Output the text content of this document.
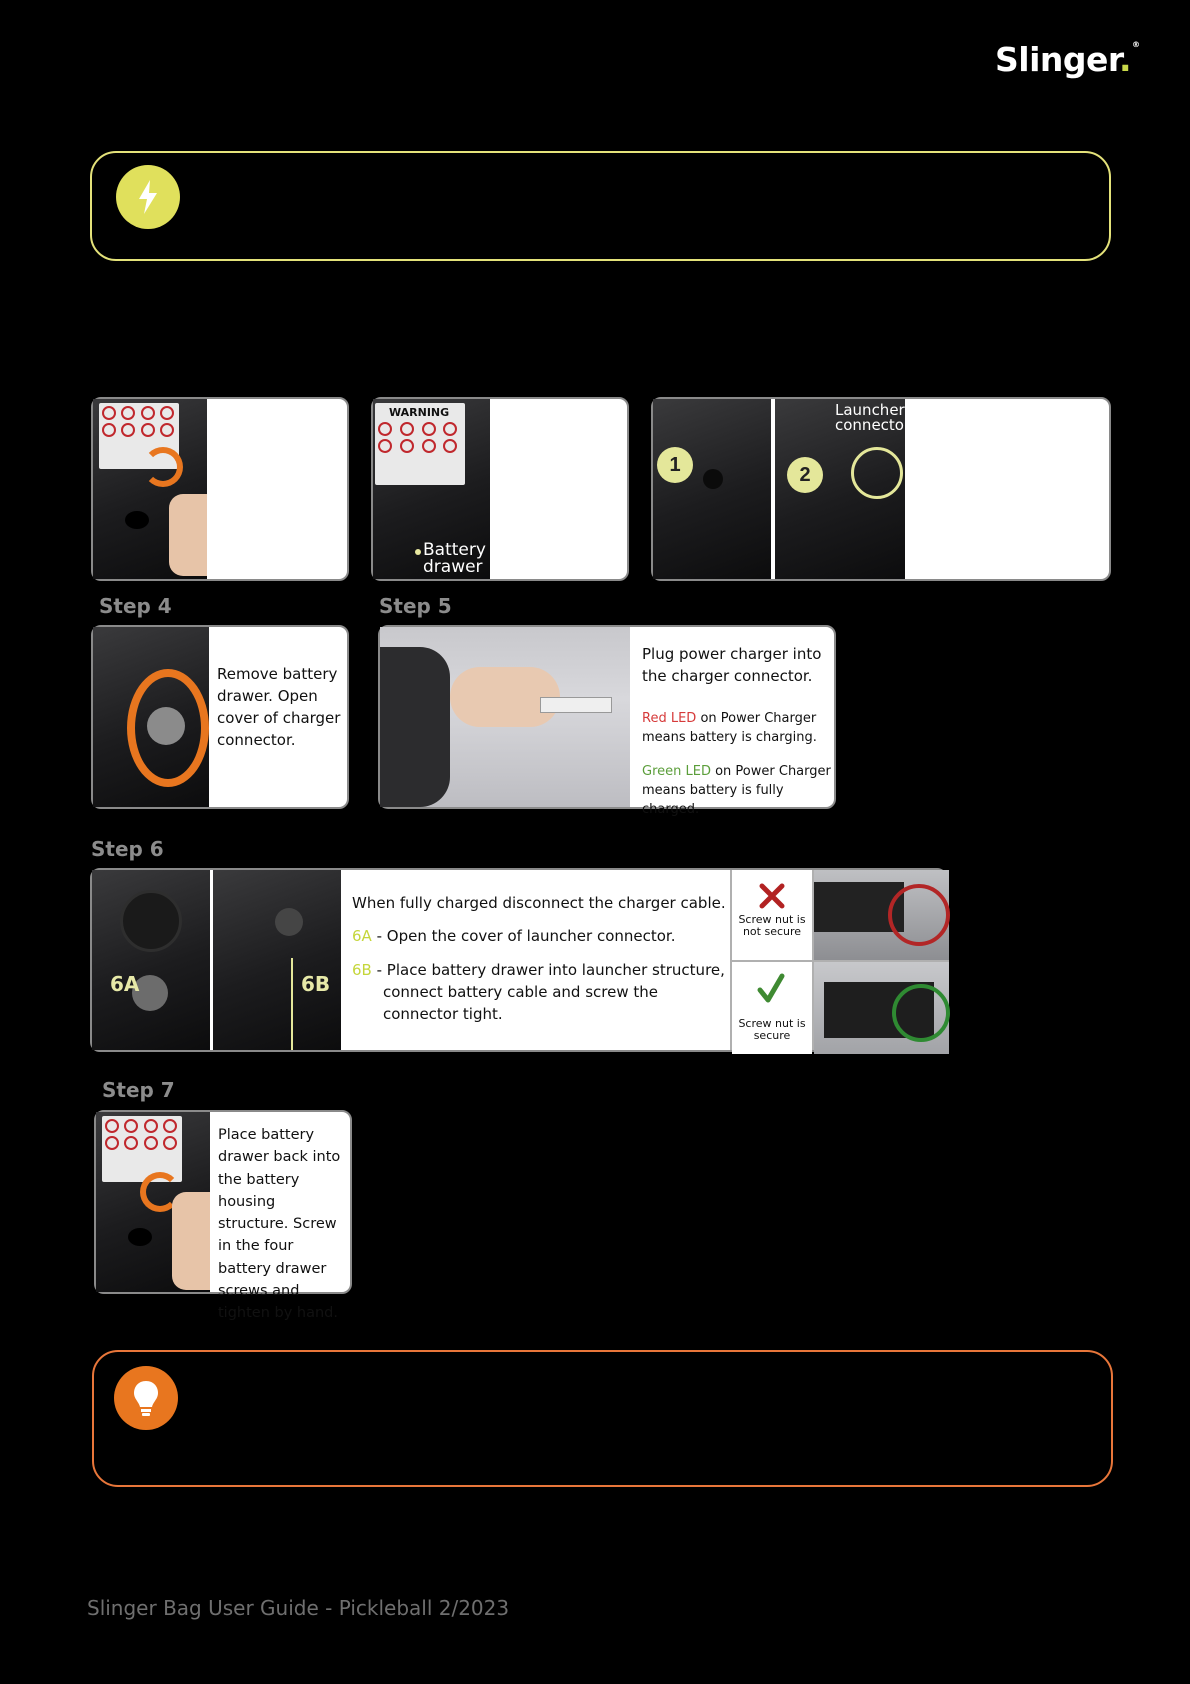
Slinger.®
WARNING
Battery drawer
1
Launcher connector
2
Step 4
Remove battery drawer. Open cover of charger connector.
Step 5
Plug power charger into the charger connector.
Red LED on Power Charger means battery is charging.
Green LED on Power Charger means battery is fully charged.
Step 6
6A	6B
When fully charged disconnect the charger cable.
6A - Open the cover of launcher connector.
6B - Place battery drawer into launcher structure, connect battery cable and screw the connector tight.
Screw nut is not secure
Screw nut is secure
Step 7
Place battery drawer back into the battery housing structure. Screw in the four battery drawer screws and tighten by hand.
Slinger Bag User Guide - Pickleball 2/2023
